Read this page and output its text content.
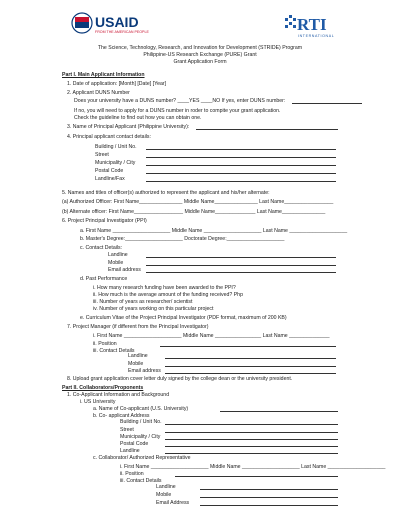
USAID
FROM THE AMERICAN PEOPLE	RTI
INTERNATIONAL
The Science, Technology, Research, and Innovation for Development (STRIDE) Program
Philippine-US Research Exchange (PURE) Grant
Grant Application Form
Part I. Main Applicant Information
1. Date of application: [Month] [Date] [Year]
2. Applicant DUNS Number
Does your university have a DUNS number? ____YES ____NO If yes, enter DUNS number:
If no, you will need to apply for a DUNS number in roder to compite your grant application.
Check the guideline to find out how you can obtain one.
3. Name of Principal Applicant (Philippine University):
4. Principal applicant contact details:
Building / Unit No.
Street
Municipality / City
Postal Code
Landline/Fax
5. Names and titles of officer(s) authorized to represent the applicant and his/her alternate:
(a) Authorized Officer: First Name_______________ Middle Name_______________ Last Name_________________
(b) Alternate officer: First Name_________________ Middle Name______________ Last Name_______________
6. Project Principal Investigator (PPI)
a. First Name ____________________ Middle Name ____________________ Last Name ____________________
b. Master's Degree:____________________ Doctorate Degree:____________________
c. Contact Details:
Landline
Mobile
Email address
d. Past Performance
i. How many research funding have been awarded to the PPI?
ii. How much is the average amount of the funding received? Php
iii. Number of years as researcher/ scientist
iv. Number of years working on this particular project
e. Curriculum Vitae of the Project Principal Investigator (PDF format, maximum of 200 KB)
7. Project Manager (if different from the Principal Investigator)
i. First Name ____________________ Middle Name ________________ Last Name ______________
ii. Position
iii. Contact Details
Landline
Mobile
Email address
8. Upload grant application cover letter duly signed by the college dean or the university president.
Part II. Collaborators/Proponents
1. Co-Applicant Information and Background
i. US University
a. Name of Co-applicant (U.S. University)
b. Co- applicant Address
Building / Unit No.
Street
Municipality / City
Postal Code
Landline
c. Collaborator/ Authorized Representative
i. First Name ____________________ Middle Name ____________________ Last Name ____________________
ii. Position
iii. Contact Details
Landline
Mobile
Email Address
